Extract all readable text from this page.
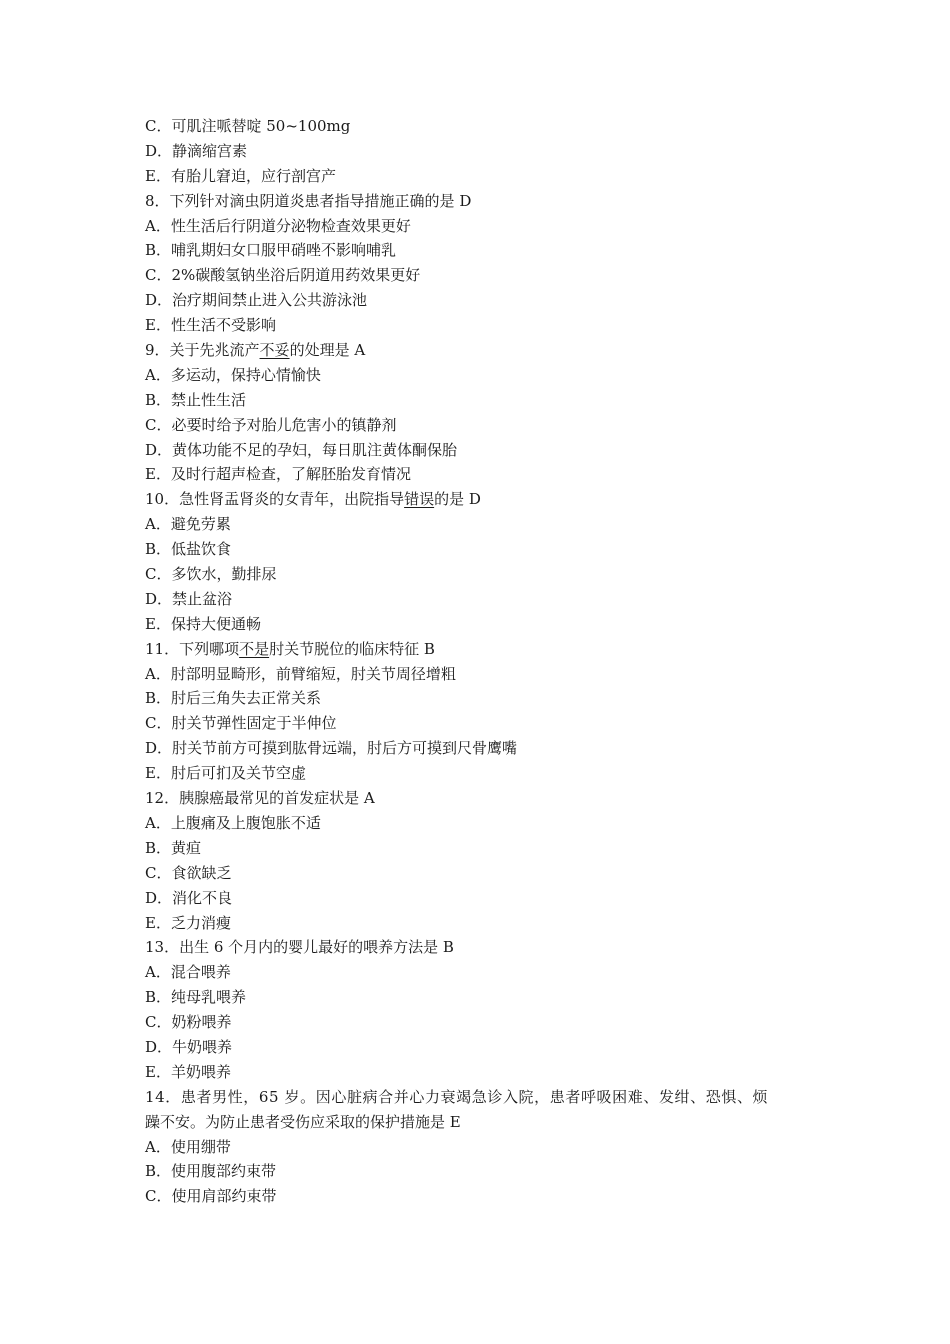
C．可肌注哌替啶 50~100mg
D．静滴缩宫素
E．有胎儿窘迫，应行剖宫产
8．下列针对滴虫阴道炎患者指导措施正确的是 D
A．性生活后行阴道分泌物检查效果更好
B．哺乳期妇女口服甲硝唑不影响哺乳
C．2%碳酸氢钠坐浴后阴道用药效果更好
D．治疗期间禁止进入公共游泳池
E．性生活不受影响
9．关于先兆流产不妥的处理是 A
A．多运动，保持心情愉快
B．禁止性生活
C．必要时给予对胎儿危害小的镇静剂
D．黄体功能不足的孕妇，每日肌注黄体酮保胎
E．及时行超声检查，了解胚胎发育情况
10．急性肾盂肾炎的女青年，出院指导错误的是 D
A．避免劳累
B．低盐饮食
C．多饮水，勤排尿
D．禁止盆浴
E．保持大便通畅
11．下列哪项不是肘关节脱位的临床特征 B
A．肘部明显畸形，前臂缩短，肘关节周径增粗
B．肘后三角失去正常关系
C．肘关节弹性固定于半伸位
D．肘关节前方可摸到肱骨远端，肘后方可摸到尺骨鹰嘴
E．肘后可扪及关节空虚
12．胰腺癌最常见的首发症状是 A
A．上腹痛及上腹饱胀不适
B．黄疸
C．食欲缺乏
D．消化不良
E．乏力消瘦
13．出生 6 个月内的婴儿最好的喂养方法是 B
A．混合喂养
B．纯母乳喂养
C．奶粉喂养
D．牛奶喂养
E．羊奶喂养
14．患者男性，65 岁。因心脏病合并心力衰竭急诊入院，患者呼吸困难、发绀、恐惧、烦
躁不安。为防止患者受伤应采取的保护措施是 E
A．使用绷带
B．使用腹部约束带
C．使用肩部约束带
